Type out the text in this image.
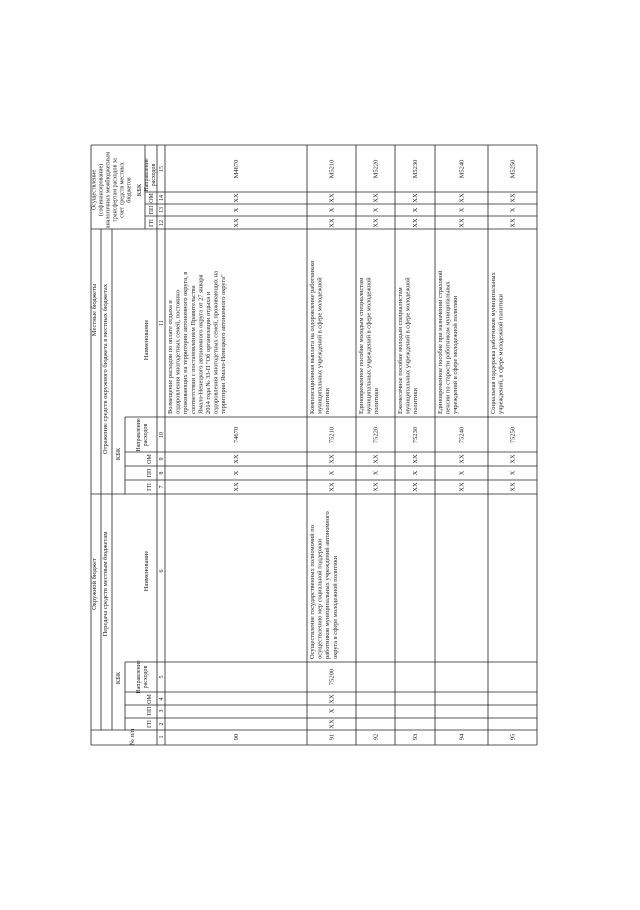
№ п/п
Окружной бюджет Передача средств местным бюджетам
КБК
ГП
ПП
ОМ
Направлениерасходов
Наименование
Местные бюджеты Отражение средств окружного бюджета в местных бюджетах КБК
ГП
ПП
ОМ
Направлениерасходов
Наименование
Осуществление(софинансирование)аналогичных межбюджетнымтрансфертам расходов засчет средств местныхбюджетов КБК
ГП
ПП
ОМ
Направлениерасходов
1
2
3
4
5
6
7
8
9
10
11
12
13
14
15
90
XX
X
XX
74670
Возмещение расходов по оплате отдыха иоздоровления многодетных семей, постояннопроживающих на территории автономного округа, всоответствии с постановлением ПравительстваЯмало-Ненецкого автономного округа от 27 января2014 года № 33-П "Об организации отдыха иоздоровления многодетных семей, проживающих натерритории Ямало-Ненецкого автономного округа"
XX
X
XX
М4670
91
XX
X
XX
75200
Осуществление государственных полномочий поосуществлению мер социальной поддержкиработников муниципальных учреждений автономногоокруга в сфере молодежной политики
XX
X
XX
75210
Компенсационная выплата на оздоровление работникаммуниципальных учреждений в сфере молодежнойполитики
XX
X
XX
М5210
92
XX
X
XX
75220
Единовременное пособие молодым специалистаммуниципальных учреждений в сфере молодежнойполитики
XX
X
XX
М5220
93
XX
X
XX
75230
Ежемесячное пособие молодым специалистаммуниципальных учреждений в сфере молодежнойполитики
XX
X
XX
М5230
94
XX
X
XX
75240
Единовременное пособие при назначении страховойпенсии по старости работникам муниципальныхучреждений в сфере молодежной политики
XX
X
XX
М5240
95
XX
X
XX
75250
Социальная поддержка работников муниципальныхучреждений, в сфере молодежной политики
XX
X
XX
М5250
